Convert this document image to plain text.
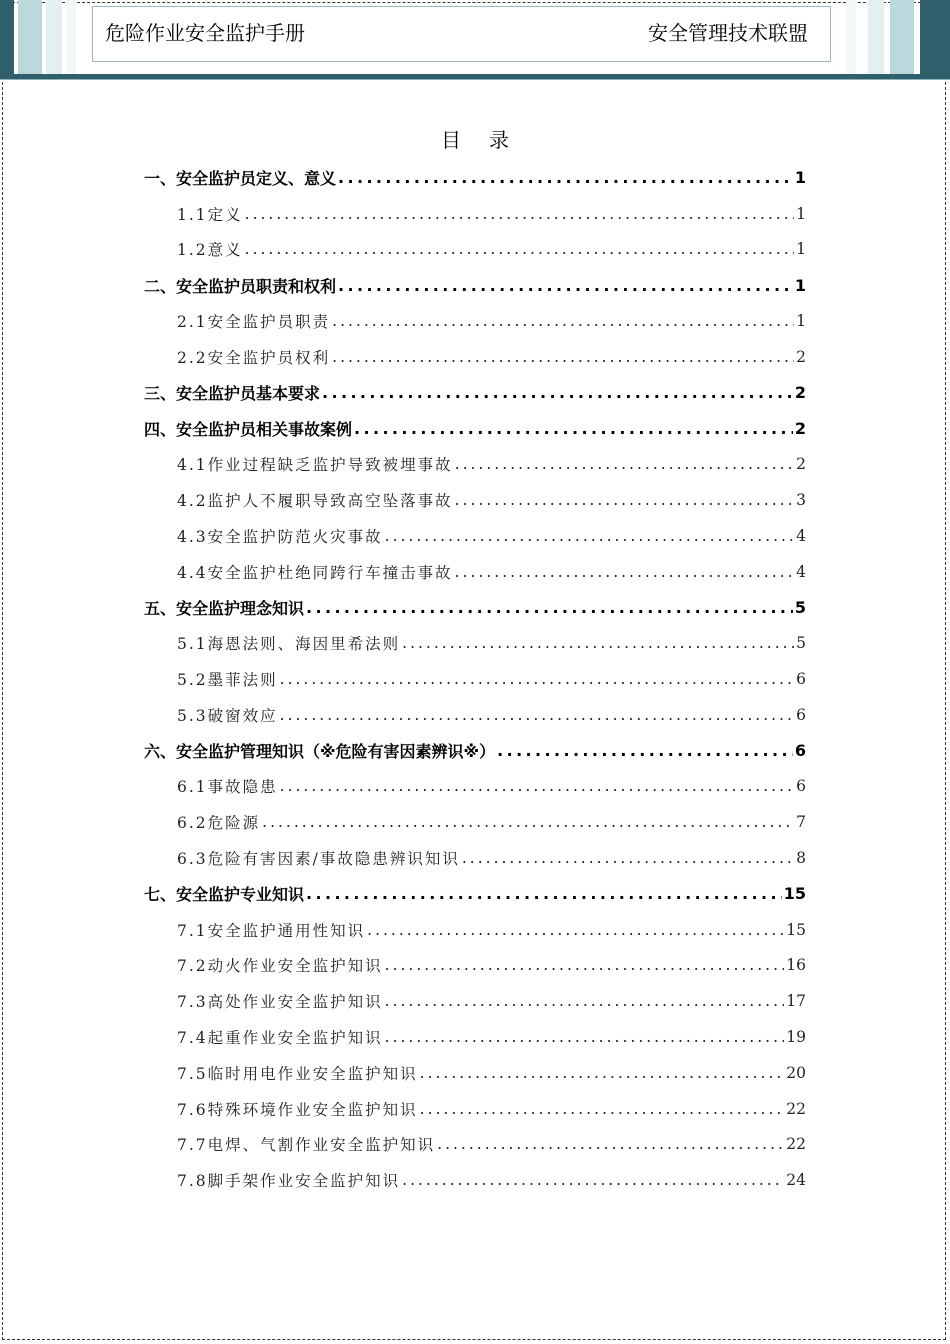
危险作业安全监护手册	安全管理技术联盟
目录
一、安全监护员定义、意义 .....	1
1.1定义 .....	1
1.2意义 .....	1
二、安全监护员职责和权利 .....	1
2.1安全监护员职责 .....	1
2.2安全监护员权利 .....	2
三、安全监护员基本要求 .....	2
四、安全监护员相关事故案例 .....	2
4.1作业过程缺乏监护导致被埋事故 .....	2
4.2监护人不履职导致高空坠落事故 .....	3
4.3安全监护防范火灾事故 .....	4
4.4安全监护杜绝同跨行车撞击事故 .....	4
五、安全监护理念知识 .....	5
5.1海恩法则、海因里希法则 .....	5
5.2墨菲法则 .....	6
5.3破窗效应 .....	6
六、安全监护管理知识（※危险有害因素辨识※） .....	6
6.1事故隐患 .....	6
6.2危险源 .....	7
6.3危险有害因素/事故隐患辨识知识 .....	8
七、安全监护专业知识 .....	15
7.1安全监护通用性知识 .....	15
7.2动火作业安全监护知识 .....	16
7.3高处作业安全监护知识 .....	17
7.4起重作业安全监护知识 .....	19
7.5临时用电作业安全监护知识 .....	20
7.6特殊环境作业安全监护知识 .....	22
7.7电焊、气割作业安全监护知识 .....	22
7.8脚手架作业安全监护知识 .....	24
